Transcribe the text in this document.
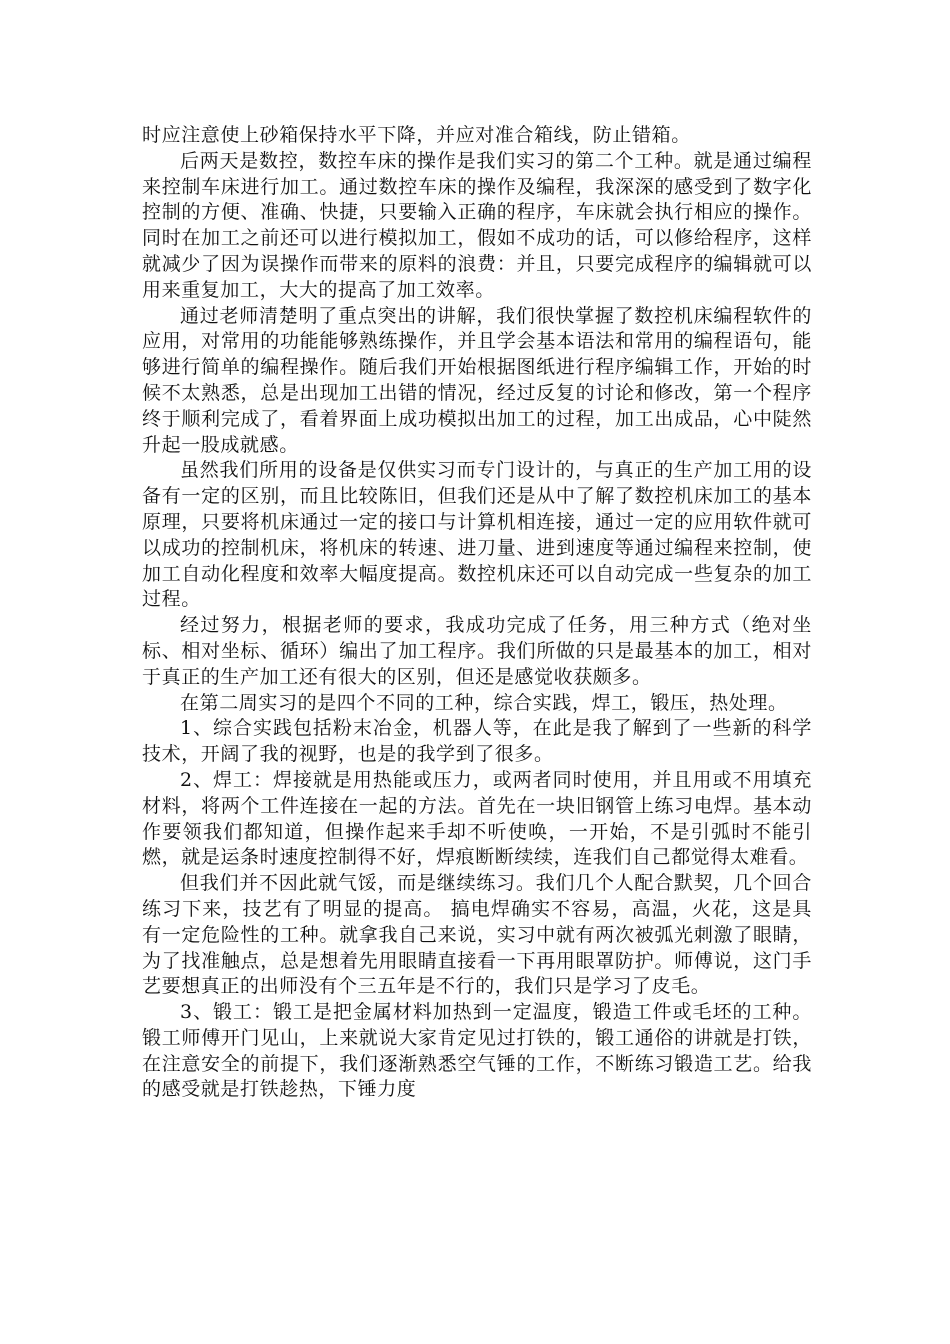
时应注意使上砂箱保持水平下降，并应对准合箱线，防止错箱。

后两天是数控，数控车床的操作是我们实习的第二个工种。就是通过编程来控制车床进行加工。通过数控车床的操作及编程，我深深的感受到了数字化控制的方便、准确、快捷，只要输入正确的程序，车床就会执行相应的操作。同时在加工之前还可以进行模拟加工，假如不成功的话，可以修给程序，这样就减少了因为误操作而带来的原料的浪费：并且，只要完成程序的编辑就可以用来重复加工，大大的提高了加工效率。

通过老师清楚明了重点突出的讲解，我们很快掌握了数控机床编程软件的应用，对常用的功能能够熟练操作，并且学会基本语法和常用的编程语句，能够进行简单的编程操作。随后我们开始根据图纸进行程序编辑工作，开始的时候不太熟悉，总是出现加工出错的情况，经过反复的讨论和修改，第一个程序终于顺利完成了，看着界面上成功模拟出加工的过程，加工出成品，心中陡然升起一股成就感。

虽然我们所用的设备是仅供实习而专门设计的，与真正的生产加工用的设备有一定的区别，而且比较陈旧，但我们还是从中了解了数控机床加工的基本原理，只要将机床通过一定的接口与计算机相连接，通过一定的应用软件就可以成功的控制机床，将机床的转速、进刀量、进到速度等通过编程来控制，使加工自动化程度和效率大幅度提高。数控机床还可以自动完成一些复杂的加工过程。

经过努力，根据老师的要求，我成功完成了任务，用三种方式（绝对坐标、相对坐标、循环）编出了加工程序。我们所做的只是最基本的加工，相对于真正的生产加工还有很大的区别，但还是感觉收获颇多。

在第二周实习的是四个不同的工种，综合实践，焊工，锻压，热处理。

1、综合实践包括粉末冶金，机器人等，在此是我了解到了一些新的科学技术，开阔了我的视野，也是的我学到了很多。

2、焊工：焊接就是用热能或压力，或两者同时使用，并且用或不用填充材料，将两个工件连接在一起的方法。首先在一块旧钢管上练习电焊。基本动作要领我们都知道，但操作起来手却不听使唤，一开始，不是引弧时不能引燃，就是运条时速度控制得不好，焊痕断断续续，连我们自己都觉得太难看。

但我们并不因此就气馁，而是继续练习。我们几个人配合默契，几个回合练习下来，技艺有了明显的提高。 搞电焊确实不容易，高温，火花，这是具有一定危险性的工种。就拿我自己来说，实习中就有两次被弧光刺激了眼睛，为了找准触点，总是想着先用眼睛直接看一下再用眼罩防护。师傅说，这门手艺要想真正的出师没有个三五年是不行的，我们只是学习了皮毛。

3、锻工：锻工是把金属材料加热到一定温度，锻造工件或毛坯的工种。 锻工师傅开门见山，上来就说大家肯定见过打铁的，锻工通俗的讲就是打铁，在注意安全的前提下，我们逐渐熟悉空气锤的工作，不断练习锻造工艺。给我的感受就是打铁趁热，下锤力度
